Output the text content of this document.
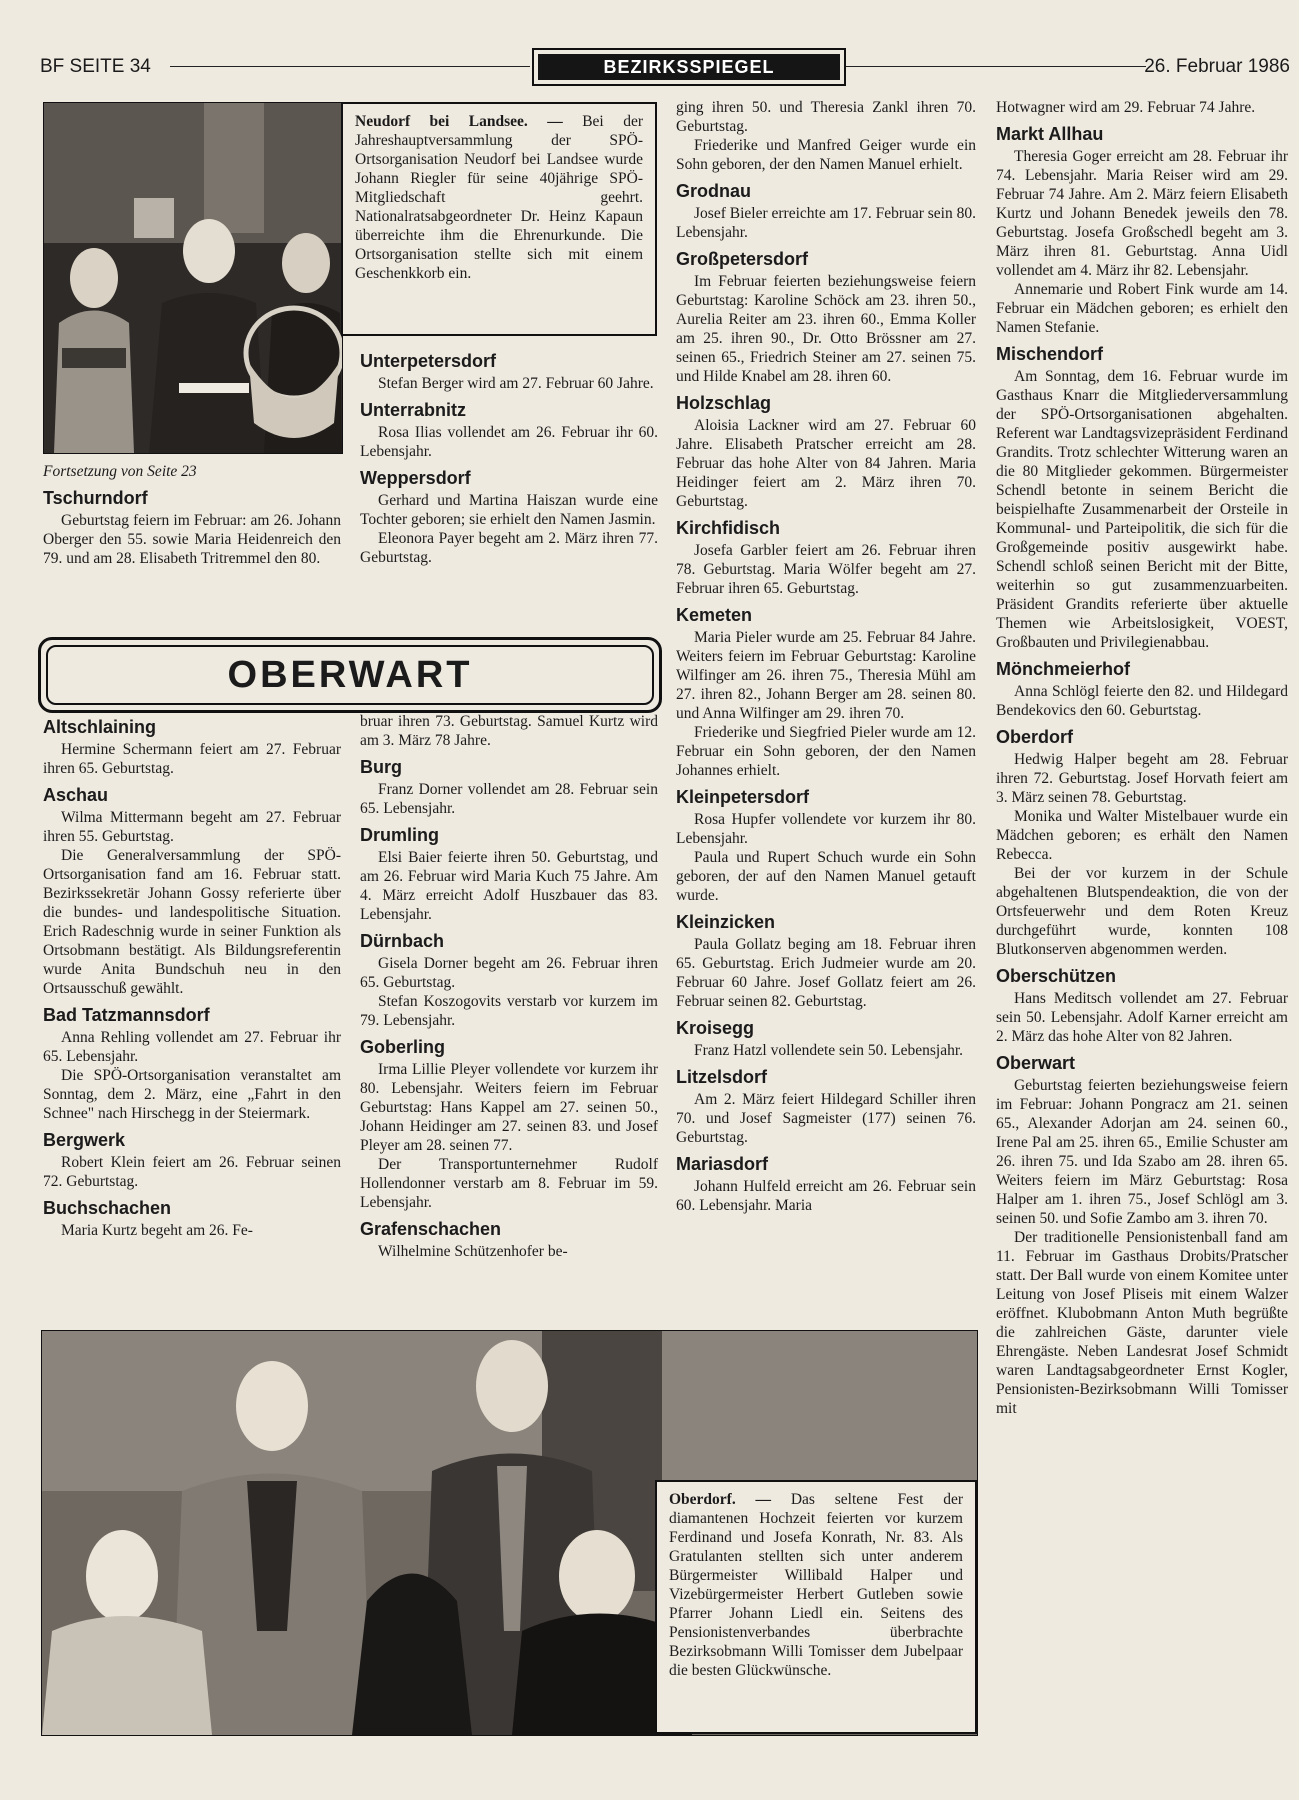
BF SEITE 34	BEZIRKSSPIEGEL	26. Februar 1986
Neudorf bei Landsee. — Bei der Jahreshauptversammlung der SPÖ-Ortsorganisation Neudorf bei Landsee wurde Johann Riegler für seine 40jährige SPÖ-Mitgliedschaft geehrt. Nationalratsabgeordneter Dr. Heinz Kapaun überreichte ihm die Ehrenurkunde. Die Ortsorganisation stellte sich mit einem Geschenkkorb ein.

Fortsetzung von Seite 23

Tschurndorf

Geburtstag feiern im Februar: am 26. Johann Oberger den 55. sowie Maria Heidenreich den 79. und am 28. Elisabeth Tritremmel den 80.

Unterpetersdorf

Stefan Berger wird am 27. Februar 60 Jahre.

Unterrabnitz

Rosa Ilias vollendet am 26. Februar ihr 60. Lebensjahr.

Weppersdorf

Gerhard und Martina Haiszan wurde eine Tochter geboren; sie erhielt den Namen Jasmin.

Eleonora Payer begeht am 2. März ihren 77. Geburtstag.

OBERWART
Altschlaining

Hermine Schermann feiert am 27. Februar ihren 65. Geburtstag.

Aschau

Wilma Mittermann begeht am 27. Februar ihren 55. Geburtstag.

Die Generalversammlung der SPÖ-Ortsorganisation fand am 16. Februar statt. Bezirkssekretär Johann Gossy referierte über die bundes- und landespolitische Situation. Erich Radeschnig wurde in seiner Funktion als Ortsobmann bestätigt. Als Bildungsreferentin wurde Anita Bundschuh neu in den Ortsausschuß gewählt.

Bad Tatzmannsdorf

Anna Rehling vollendet am 27. Februar ihr 65. Lebensjahr.

Die SPÖ-Ortsorganisation veranstaltet am Sonntag, dem 2. März, eine „Fahrt in den Schnee" nach Hirschegg in der Steiermark.

Bergwerk

Robert Klein feiert am 26. Februar seinen 72. Geburtstag.

Buchschachen

Maria Kurtz begeht am 26. Fe-

bruar ihren 73. Geburtstag. Samuel Kurtz wird am 3. März 78 Jahre.

Burg

Franz Dorner vollendet am 28. Februar sein 65. Lebensjahr.

Drumling

Elsi Baier feierte ihren 50. Geburtstag, und am 26. Februar wird Maria Kuch 75 Jahre. Am 4. März erreicht Adolf Huszbauer das 83. Lebensjahr.

Dürnbach

Gisela Dorner begeht am 26. Februar ihren 65. Geburtstag.

Stefan Koszogovits verstarb vor kurzem im 79. Lebensjahr.

Goberling

Irma Lillie Pleyer vollendete vor kurzem ihr 80. Lebensjahr. Weiters feiern im Februar Geburtstag: Hans Kappel am 27. seinen 50., Johann Heidinger am 27. seinen 83. und Josef Pleyer am 28. seinen 77.

Der Transportunternehmer Rudolf Hollendonner verstarb am 8. Februar im 59. Lebensjahr.

Grafenschachen

Wilhelmine Schützenhofer be-

ging ihren 50. und Theresia Zankl ihren 70. Geburtstag.

Friederike und Manfred Geiger wurde ein Sohn geboren, der den Namen Manuel erhielt.

Grodnau

Josef Bieler erreichte am 17. Februar sein 80. Lebensjahr.

Großpetersdorf

Im Februar feierten beziehungsweise feiern Geburtstag: Karoline Schöck am 23. ihren 50., Aurelia Reiter am 23. ihren 60., Emma Koller am 25. ihren 90., Dr. Otto Brössner am 27. seinen 65., Friedrich Steiner am 27. seinen 75. und Hilde Knabel am 28. ihren 60.

Holzschlag

Aloisia Lackner wird am 27. Februar 60 Jahre. Elisabeth Pratscher erreicht am 28. Februar das hohe Alter von 84 Jahren. Maria Heidinger feiert am 2. März ihren 70. Geburtstag.

Kirchfidisch

Josefa Garbler feiert am 26. Februar ihren 78. Geburtstag. Maria Wölfer begeht am 27. Februar ihren 65. Geburtstag.

Kemeten

Maria Pieler wurde am 25. Februar 84 Jahre. Weiters feiern im Februar Geburtstag: Karoline Wilfinger am 26. ihren 75., Theresia Mühl am 27. ihren 82., Johann Berger am 28. seinen 80. und Anna Wilfinger am 29. ihren 70.

Friederike und Siegfried Pieler wurde am 12. Februar ein Sohn geboren, der den Namen Johannes erhielt.

Kleinpetersdorf

Rosa Hupfer vollendete vor kurzem ihr 80. Lebensjahr.

Paula und Rupert Schuch wurde ein Sohn geboren, der auf den Namen Manuel getauft wurde.

Kleinzicken

Paula Gollatz beging am 18. Februar ihren 65. Geburtstag. Erich Judmeier wurde am 20. Februar 60 Jahre. Josef Gollatz feiert am 26. Februar seinen 82. Geburtstag.

Kroisegg

Franz Hatzl vollendete sein 50. Lebensjahr.

Litzelsdorf

Am 2. März feiert Hildegard Schiller ihren 70. und Josef Sagmeister (177) seinen 76. Geburtstag.

Mariasdorf

Johann Hulfeld erreicht am 26. Februar sein 60. Lebensjahr. Maria

Hotwagner wird am 29. Februar 74 Jahre.

Markt Allhau

Theresia Goger erreicht am 28. Februar ihr 74. Lebensjahr. Maria Reiser wird am 29. Februar 74 Jahre. Am 2. März feiern Elisabeth Kurtz und Johann Benedek jeweils den 78. Geburtstag. Josefa Großschedl begeht am 3. März ihren 81. Geburtstag. Anna Uidl vollendet am 4. März ihr 82. Lebensjahr.

Annemarie und Robert Fink wurde am 14. Februar ein Mädchen geboren; es erhielt den Namen Stefanie.

Mischendorf

Am Sonntag, dem 16. Februar wurde im Gasthaus Knarr die Mitgliederversammlung der SPÖ-Ortsorganisationen abgehalten. Referent war Landtagsvizepräsident Ferdinand Grandits. Trotz schlechter Witterung waren an die 80 Mitglieder gekommen. Bürgermeister Schendl betonte in seinem Bericht die beispielhafte Zusammenarbeit der Orsteile in Kommunal- und Parteipolitik, die sich für die Großgemeinde positiv ausgewirkt habe. Schendl schloß seinen Bericht mit der Bitte, weiterhin so gut zusammenzuarbeiten. Präsident Grandits referierte über aktuelle Themen wie Arbeitslosigkeit, VOEST, Großbauten und Privilegienabbau.

Mönchmeierhof

Anna Schlögl feierte den 82. und Hildegard Bendekovics den 60. Geburtstag.

Oberdorf

Hedwig Halper begeht am 28. Februar ihren 72. Geburtstag. Josef Horvath feiert am 3. März seinen 78. Geburtstag.

Monika und Walter Mistelbauer wurde ein Mädchen geboren; es erhält den Namen Rebecca.

Bei der vor kurzem in der Schule abgehaltenen Blutspendeaktion, die von der Ortsfeuerwehr und dem Roten Kreuz durchgeführt wurde, konnten 108 Blutkonserven abgenommen werden.

Oberschützen

Hans Meditsch vollendet am 27. Februar sein 50. Lebensjahr. Adolf Karner erreicht am 2. März das hohe Alter von 82 Jahren.

Oberwart

Geburtstag feierten beziehungsweise feiern im Februar: Johann Pongracz am 21. seinen 65., Alexander Adorjan am 24. seinen 60., Irene Pal am 25. ihren 65., Emilie Schuster am 26. ihren 75. und Ida Szabo am 28. ihren 65. Weiters feiern im März Geburtstag: Rosa Halper am 1. ihren 75., Josef Schlögl am 3. seinen 50. und Sofie Zambo am 3. ihren 70.

Der traditionelle Pensionistenball fand am 11. Februar im Gasthaus Drobits/Pratscher statt. Der Ball wurde von einem Komitee unter Leitung von Josef Pliseis mit einem Walzer eröffnet. Klubobmann Anton Muth begrüßte die zahlreichen Gäste, darunter viele Ehrengäste. Neben Landesrat Josef Schmidt waren Landtagsabgeordneter Ernst Kogler, Pensionisten-Bezirksobmann Willi Tomisser mit

Oberdorf. — Das seltene Fest der diamantenen Hochzeit feierten vor kurzem Ferdinand und Josefa Konrath, Nr. 83. Als Gratulanten stellten sich unter anderem Bürgermeister Willibald Halper und Vizebürgermeister Herbert Gutleben sowie Pfarrer Johann Liedl ein. Seitens des Pensionistenverbandes überbrachte Bezirksobmann Willi Tomisser dem Jubelpaar die besten Glückwünsche.
